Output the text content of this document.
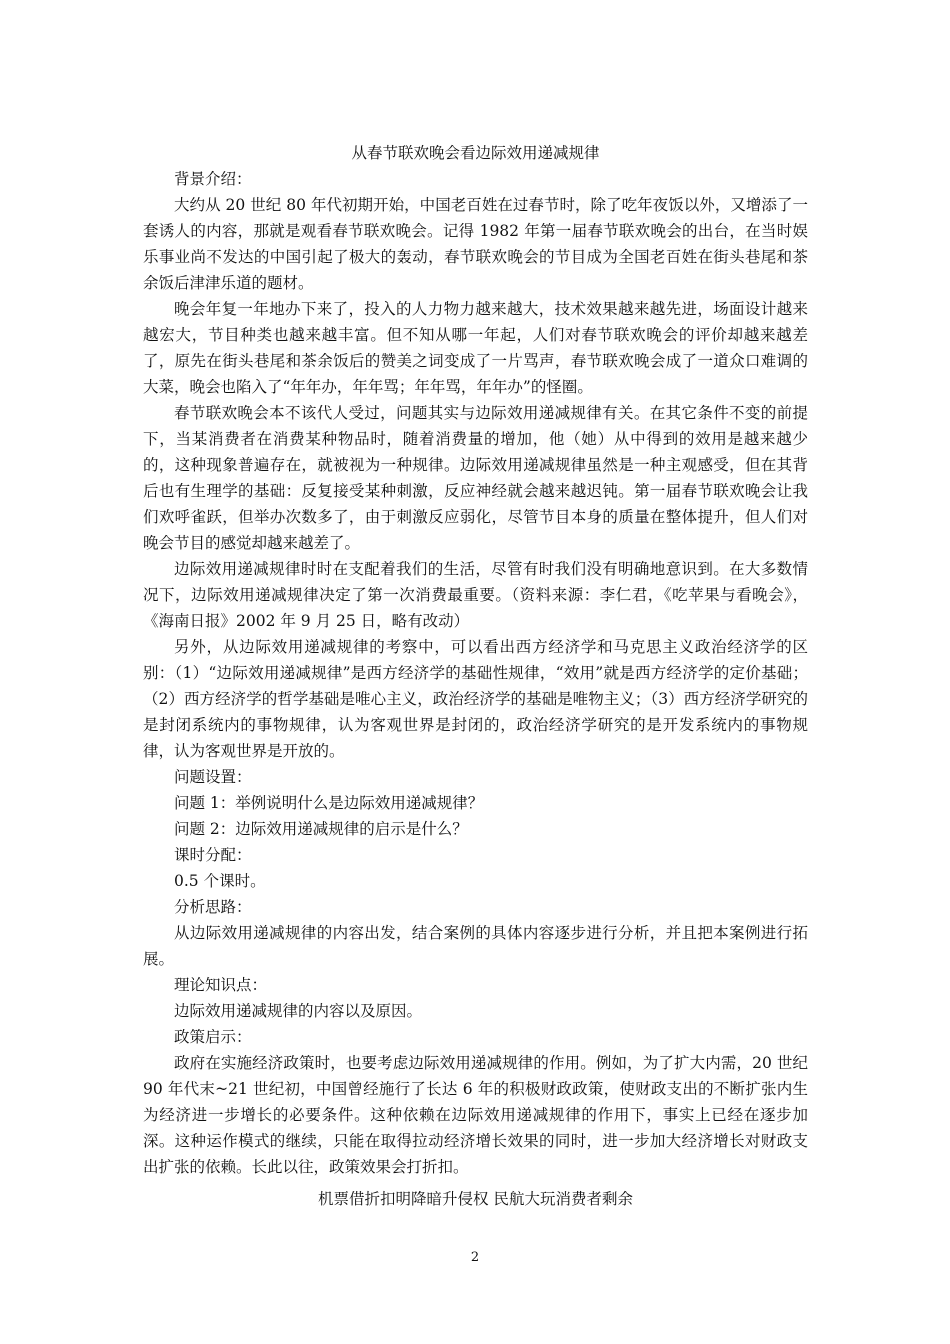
从春节联欢晚会看边际效用递减规律

背景介绍：

大约从 20 世纪 80 年代初期开始，中国老百姓在过春节时，除了吃年夜饭以外，又增添了一套诱人的内容，那就是观看春节联欢晚会。记得 1982 年第一届春节联欢晚会的出台，在当时娱乐事业尚不发达的中国引起了极大的轰动，春节联欢晚会的节目成为全国老百姓在街头巷尾和茶余饭后津津乐道的题材。

晚会年复一年地办下来了，投入的人力物力越来越大，技术效果越来越先进，场面设计越来越宏大，节目种类也越来越丰富。但不知从哪一年起，人们对春节联欢晚会的评价却越来越差了，原先在街头巷尾和茶余饭后的赞美之词变成了一片骂声，春节联欢晚会成了一道众口难调的大菜，晚会也陷入了“年年办，年年骂；年年骂，年年办”的怪圈。

春节联欢晚会本不该代人受过，问题其实与边际效用递减规律有关。在其它条件不变的前提下，当某消费者在消费某种物品时，随着消费量的增加，他（她）从中得到的效用是越来越少的，这种现象普遍存在，就被视为一种规律。边际效用递减规律虽然是一种主观感受，但在其背后也有生理学的基础：反复接受某种刺激，反应神经就会越来越迟钝。第一届春节联欢晚会让我们欢呼雀跃，但举办次数多了，由于刺激反应弱化，尽管节目本身的质量在整体提升，但人们对晚会节目的感觉却越来越差了。

边际效用递减规律时时在支配着我们的生活，尽管有时我们没有明确地意识到。在大多数情况下，边际效用递减规律决定了第一次消费最重要。（资料来源：李仁君，《吃苹果与看晚会》，《海南日报》2002 年 9 月 25 日，略有改动）

另外，从边际效用递减规律的考察中，可以看出西方经济学和马克思主义政治经济学的区别：（1）“边际效用递减规律”是西方经济学的基础性规律，“效用”就是西方经济学的定价基础；（2）西方经济学的哲学基础是唯心主义，政治经济学的基础是唯物主义；（3）西方经济学研究的是封闭系统内的事物规律，认为客观世界是封闭的，政治经济学研究的是开发系统内的事物规律，认为客观世界是开放的。

问题设置：

问题 1：举例说明什么是边际效用递减规律？

问题 2：边际效用递减规律的启示是什么？

课时分配：

0.5 个课时。

分析思路：

从边际效用递减规律的内容出发，结合案例的具体内容逐步进行分析，并且把本案例进行拓展。

理论知识点：

边际效用递减规律的内容以及原因。

政策启示：

政府在实施经济政策时，也要考虑边际效用递减规律的作用。例如，为了扩大内需，20 世纪 90 年代末~21 世纪初，中国曾经施行了长达 6 年的积极财政政策，使财政支出的不断扩张内生为经济进一步增长的必要条件。这种依赖在边际效用递减规律的作用下，事实上已经在逐步加深。这种运作模式的继续，只能在取得拉动经济增长效果的同时，进一步加大经济增长对财政支出扩张的依赖。长此以往，政策效果会打折扣。

机票借折扣明降暗升侵权 民航大玩消费者剩余
2
